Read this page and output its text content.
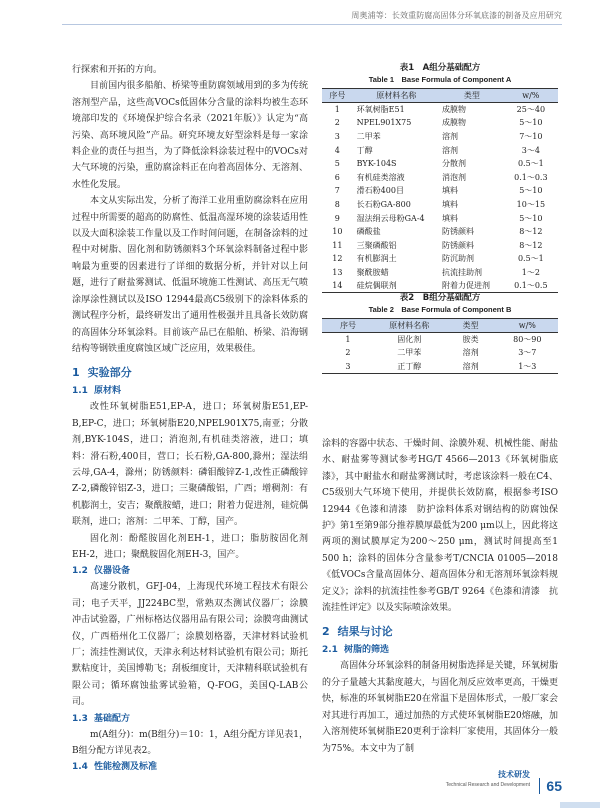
周奥浦等：长效重防腐高固体分环氧底漆的制备及应用研究

行探索和开拓的方向。

目前国内很多船舶、桥梁等重防腐领域用到的多为传统溶剂型产品，这些高VOCs低固体分含量的涂料均被生态环境部印发的《环境保护综合名录（2021年版）》认定为“高污染、高环境风险”产品。研究环境友好型涂料是每一家涂料企业的责任与担当，为了降低涂料涂装过程中的VOCs对大气环境的污染，重防腐涂料正在向着高固体分、无溶剂、水性化发展。

本文从实际出发，分析了海洋工业用重防腐涂料在应用过程中所需要的超高的防腐性、低温高湿环境的涂装适用性以及大面积涂装工作量以及工作时间问题，在制备涂料的过程中对树脂、固化剂和防锈颜料3个环氧涂料制备过程中影响最为重要的因素进行了详细的数据分析，并针对以上问题，进行了耐盐雾测试、低温环境施工性测试、高压无气喷涂厚涂性测试以及ISO 12944最高C5级别下的涂料体系的测试程序分析，最终研发出了通用性极强并且具备长效防腐的高固体分环氧涂料。目前该产品已在船舶、桥梁、沿海钢结构等钢铁重度腐蚀区域广泛应用，效果极佳。

1 实验部分
1.1 原材料

改性环氧树脂E51,EP-A，进口；环氧树脂E51,EP-B,EP-C，进口；环氧树脂E20,NPEL901X75,南亚；分散剂,BYK-104S，进口；消泡剂,有机硅类溶液，进口；填料：滑石粉,400目，营口；长石粉,GA-800,滁州；湿法绢云母,GA-4，滁州；防锈颜料：磷钼酸锌Z-1,改性正磷酸锌Z-2,磷酸锌铝Z-3，进口；三聚磷酸铝，广西；增稠剂：有机膨润土，安吉；聚酰胺蜡，进口；附着力促进剂，硅烷偶联剂，进口；溶剂：二甲苯、丁醇，国产。

固化剂：酚醛胺固化剂EH-1，进口；脂肪胺固化剂EH-2，进口；聚酰胺固化剂EH-3，国产。

1.2 仪器设备

高速分散机，GFJ-04，上海现代环境工程技术有限公司；电子天平，JJ224BC型，常熟双杰测试仪器厂；涂膜冲击试验器，广州标格达仪器用品有限公司；涂膜弯曲测试仪，广西梧州化工仪器厂；涂膜划格器，天津材料试验机厂；流挂性测试仪，天津永利达材料试验机有限公司；斯托默粘度计，美国博勒飞；刮板细度计，天津精科联试验机有限公司；循环腐蚀盐雾试验箱，Q-FOG，美国Q-LAB公司。

1.3 基础配方

m(A组分)：m(B组分)＝10：1，A组分配方详见表1，B组分配方详见表2。

1.4 性能检测及标准
表1　A组分基础配方
Table 1　Base Formula of Component A
序号	原材料名称	类型	w/%
1	环氧树脂E51	成膜物	25～40
2	NPEL901X75	成膜物	5～10
3	二甲苯	溶剂	7～10
4	丁醇	溶剂	3～4
5	BYK-104S	分散剂	0.5～1
6	有机硅类溶液	消泡剂	0.1～0.3
7	滑石粉400目	填料	5～10
8	长石粉GA-800	填料	10～15
9	湿法绢云母粉GA-4	填料	5～10
10	磷酸盐	防锈颜料	8～12
11	三聚磷酸铝	防锈颜料	8～12
12	有机膨润土	防沉助剂	0.5～1
13	聚酰胺蜡	抗流挂助剂	1～2
14	硅烷偶联剂	附着力促进剂	0.1～0.5
表2　B组分基础配方
Table 2　Base Formula of Component B
序号	原材料名称	类型	w/%
1	固化剂	胺类	80～90
2	二甲苯	溶剂	3～7
3	正丁醇	溶剂	1～3

涂料的容器中状态、干燥时间、涂膜外观、机械性能、耐盐水、耐盐雾等测试参考HG/T 4566—2013《环氧树脂底漆》，其中耐盐水和耐盐雾测试时，考虑该涂料一般在C4、C5级别大气环境下使用，并提供长效防腐，根据参考ISO 12944《色漆和清漆　防护涂料体系对钢结构的防腐蚀保护》第1至第9部分推荐膜厚最低为200 μm以上，因此将这两项的测试膜厚定为200～250 μm，测试时间提高至1 500 h；涂料的固体分含量参考T/CNCIA 01005—2018《低VOCs含量高固体分、超高固体分和无溶剂环氧涂料规定义》；涂料的抗流挂性参考GB/T 9264《色漆和清漆　抗流挂性评定》以及实际喷涂效果。

2 结果与讨论
2.1 树脂的筛选

高固体分环氧涂料的制备用树脂选择是关键，环氧树脂的分子量越大其黏度越大，与固化剂反应效率更高，干燥更快，标准的环氧树脂E20在常温下是固体形式，一般厂家会对其进行再加工，通过加热的方式使环氧树脂E20熔融，加入溶剂使环氧树脂E20更利于涂料厂家使用，其固体分一般为75%。本文中为了制

技术研发
Technical Research and Development	65
